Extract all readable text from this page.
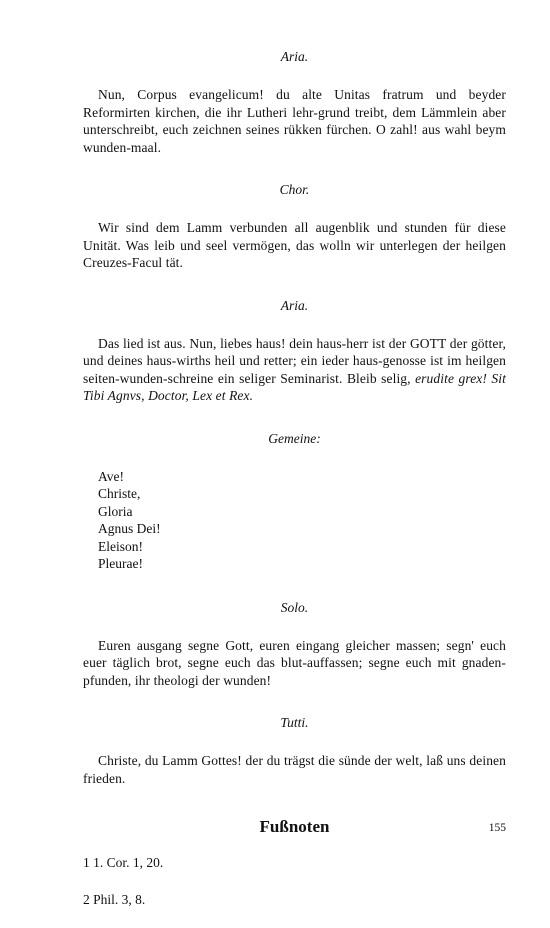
Aria.

Nun, Corpus evangelicum! du alte Unitas fratrum und beyder Reformirten kirchen, die ihr Lutheri lehr-grund treibt, dem Lämmlein aber unterschreibt, euch zeichnen seines rükken fürchen. O zahl! aus wahl beym wunden-maal.

Chor.

Wir sind dem Lamm verbunden all augenblik und stunden für diese Unität. Was leib und seel vermögen, das wolln wir unterlegen der heilgen Creuzes-Facul tät.

Aria.

Das lied ist aus. Nun, liebes haus! dein haus-herr ist der GOTT der götter, und deines haus-wirths heil und retter; ein ieder haus-genosse ist im heilgen seiten-wunden-schreine ein seliger Seminarist. Bleib selig, erudite grex! Sit Tibi Agnvs, Doctor, Lex et Rex.

Gemeine:
Ave!
Christe,
Gloria
Agnus Dei!
Eleison!
Pleurae!
Solo.

Euren ausgang segne Gott, euren eingang gleicher massen; segn' euch euer täglich brot, segne euch das blut-auffassen; segne euch mit gnaden-pfunden, ihr theologi der wunden!

Tutti.

Christe, du Lamm Gottes! der du trägst die sünde der welt, laß uns deinen frieden.

Fußnoten
1 1. Cor. 1, 20.
2 Phil. 3, 8.
155
